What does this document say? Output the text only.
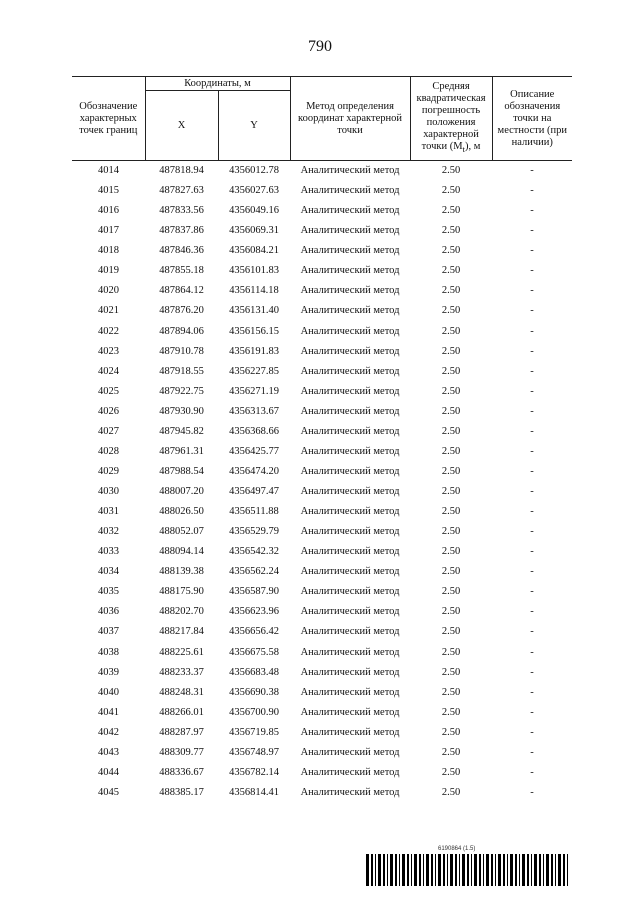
790
Обозначение характерных точек границ	Координаты, м		Метод определения координат характерной точки	Средняя квадратическая погрешность положения характерной точки $(M_t)$, м	Описание обозначения точки на местности (при наличии)
	X	Y			
4014	487818.94	4356012.78	Аналитический метод	2.50	-
4015	487827.63	4356027.63	Аналитический метод	2.50	-
4016	487833.56	4356049.16	Аналитический метод	2.50	-
4017	487837.86	4356069.31	Аналитический метод	2.50	-
4018	487846.36	4356084.21	Аналитический метод	2.50	-
4019	487855.18	4356101.83	Аналитический метод	2.50	-
4020	487864.12	4356114.18	Аналитический метод	2.50	-
4021	487876.20	4356131.40	Аналитический метод	2.50	-
4022	487894.06	4356156.15	Аналитический метод	2.50	-
4023	487910.78	4356191.83	Аналитический метод	2.50	-
4024	487918.55	4356227.85	Аналитический метод	2.50	-
4025	487922.75	4356271.19	Аналитический метод	2.50	-
4026	487930.90	4356313.67	Аналитический метод	2.50	-
4027	487945.82	4356368.66	Аналитический метод	2.50	-
4028	487961.31	4356425.77	Аналитический метод	2.50	-
4029	487988.54	4356474.20	Аналитический метод	2.50	-
4030	488007.20	4356497.47	Аналитический метод	2.50	-
4031	488026.50	4356511.88	Аналитический метод	2.50	-
4032	488052.07	4356529.79	Аналитический метод	2.50	-
4033	488094.14	4356542.32	Аналитический метод	2.50	-
4034	488139.38	4356562.24	Аналитический метод	2.50	-
4035	488175.90	4356587.90	Аналитический метод	2.50	-
4036	488202.70	4356623.96	Аналитический метод	2.50	-
4037	488217.84	4356656.42	Аналитический метод	2.50	-
4038	488225.61	4356675.58	Аналитический метод	2.50	-
4039	488233.37	4356683.48	Аналитический метод	2.50	-
4040	488248.31	4356690.38	Аналитический метод	2.50	-
4041	488266.01	4356700.90	Аналитический метод	2.50	-
4042	488287.97	4356719.85	Аналитический метод	2.50	-
4043	488309.77	4356748.97	Аналитический метод	2.50	-
4044	488336.67	4356782.14	Аналитический метод	2.50	-
4045	488385.17	4356814.41	Аналитический метод	2.50	-
6190864 (1.5)
